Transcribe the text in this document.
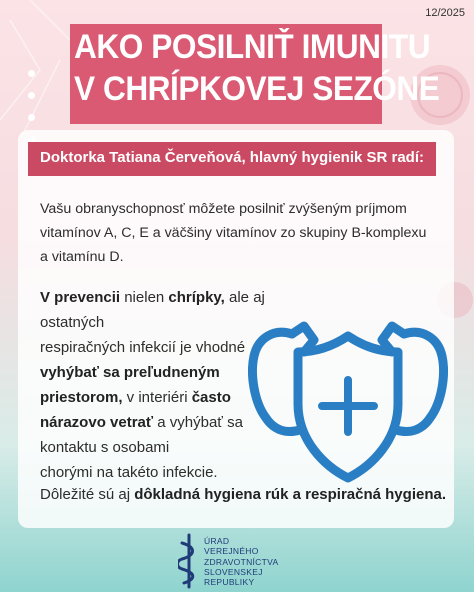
12/2025
AKO POSILNIŤ IMUNITU
V CHRÍPKOVEJ SEZÓNE
Doktorka Tatiana Červeňová, hlavný hygienik SR radí:
Vašu obranyschopnosť môžete posilniť zvýšeným príjmom
vitamínov A, C, E a väčšiny vitamínov zo skupiny B-komplexu
a vitamínu D.
V prevencii nielen chrípky, ale aj ostatných
respiračných infekcií je vhodné
vyhýbať sa preľudneným
priestorom, v interiéri často
nárazovo vetrať a vyhýbať sa
kontaktu s osobami
chorými na takéto infekcie.
Dôležité sú aj dôkladná hygiena rúk a respiračná hygiena.
ÚRAD
VEREJNÉHO
ZDRAVOTNÍCTVA
SLOVENSKEJ
REPUBLIKY
